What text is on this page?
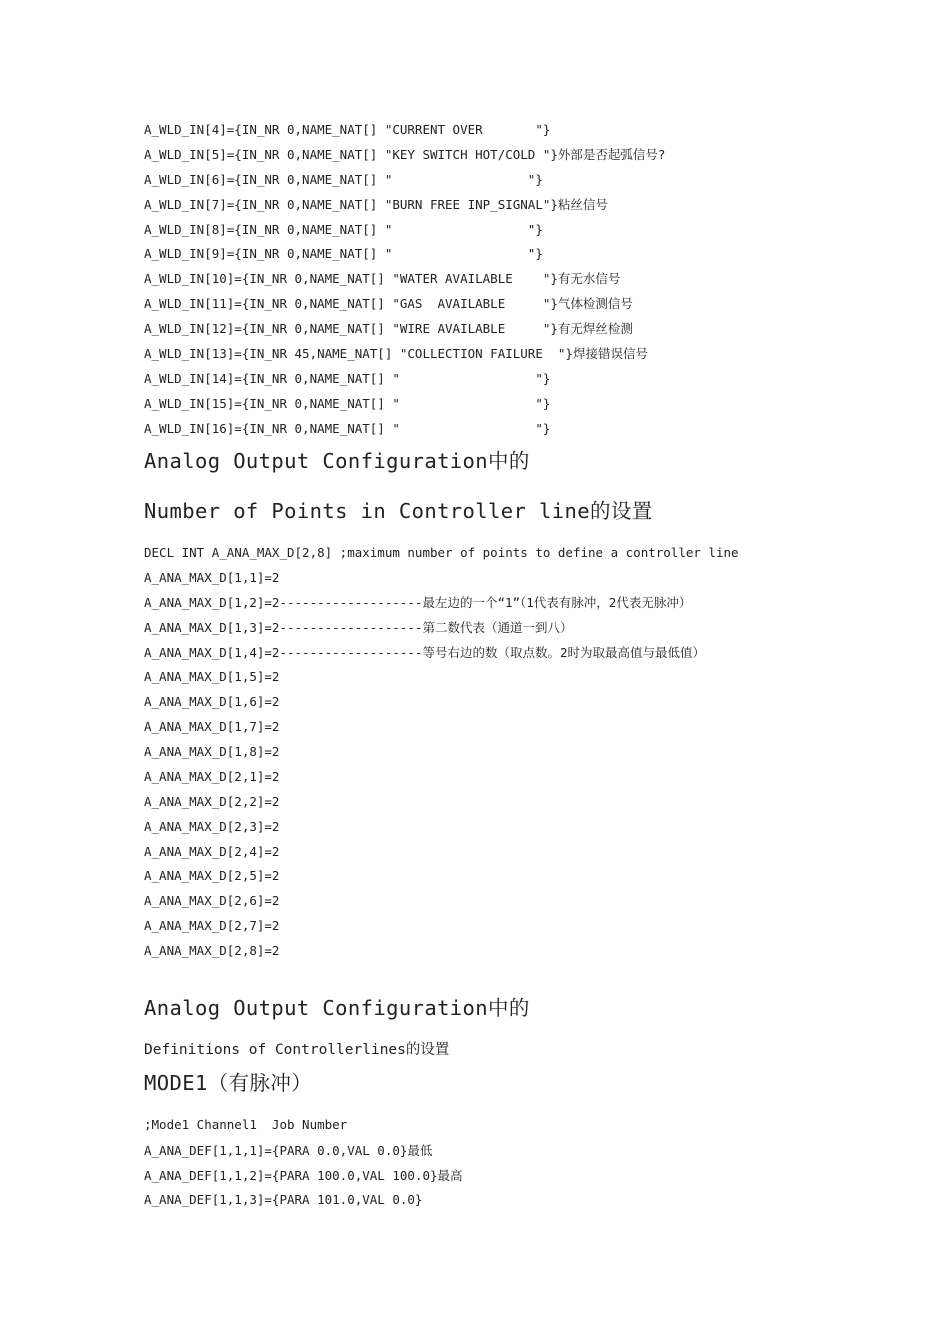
A_WLD_IN[4]={IN_NR 0,NAME_NAT[] "CURRENT OVER       "}
A_WLD_IN[5]={IN_NR 0,NAME_NAT[] "KEY SWITCH HOT/COLD "}外部是否起弧信号?
A_WLD_IN[6]={IN_NR 0,NAME_NAT[] "                  "}
A_WLD_IN[7]={IN_NR 0,NAME_NAT[] "BURN FREE INP_SIGNAL"}粘丝信号
A_WLD_IN[8]={IN_NR 0,NAME_NAT[] "                  "}
A_WLD_IN[9]={IN_NR 0,NAME_NAT[] "                  "}
A_WLD_IN[10]={IN_NR 0,NAME_NAT[] "WATER AVAILABLE    "}有无水信号
A_WLD_IN[11]={IN_NR 0,NAME_NAT[] "GAS  AVAILABLE     "}气体检测信号
A_WLD_IN[12]={IN_NR 0,NAME_NAT[] "WIRE AVAILABLE     "}有无焊丝检测
A_WLD_IN[13]={IN_NR 45,NAME_NAT[] "COLLECTION FAILURE  "}焊接错误信号
A_WLD_IN[14]={IN_NR 0,NAME_NAT[] "                  "}
A_WLD_IN[15]={IN_NR 0,NAME_NAT[] "                  "}
A_WLD_IN[16]={IN_NR 0,NAME_NAT[] "                  "}
Analog Output Configuration中的
Number of Points in Controller line的设置
DECL INT A_ANA_MAX_D[2,8] ;maximum number of points to define a controller line
A_ANA_MAX_D[1,1]=2
A_ANA_MAX_D[1,2]=2-------------------最左边的一个“1”（1代表有脉冲，2代表无脉冲）
A_ANA_MAX_D[1,3]=2-------------------第二数代表（通道一到八）
A_ANA_MAX_D[1,4]=2-------------------等号右边的数（取点数。2时为取最高值与最低值）
A_ANA_MAX_D[1,5]=2
A_ANA_MAX_D[1,6]=2
A_ANA_MAX_D[1,7]=2
A_ANA_MAX_D[1,8]=2
A_ANA_MAX_D[2,1]=2
A_ANA_MAX_D[2,2]=2
A_ANA_MAX_D[2,3]=2
A_ANA_MAX_D[2,4]=2
A_ANA_MAX_D[2,5]=2
A_ANA_MAX_D[2,6]=2
A_ANA_MAX_D[2,7]=2
A_ANA_MAX_D[2,8]=2
Analog Output Configuration中的
Definitions of Controllerlines的设置
MODE1（有脉冲）
;Mode1 Channel1  Job Number
A_ANA_DEF[1,1,1]={PARA 0.0,VAL 0.0}最低
A_ANA_DEF[1,1,2]={PARA 100.0,VAL 100.0}最高
A_ANA_DEF[1,1,3]={PARA 101.0,VAL 0.0}
